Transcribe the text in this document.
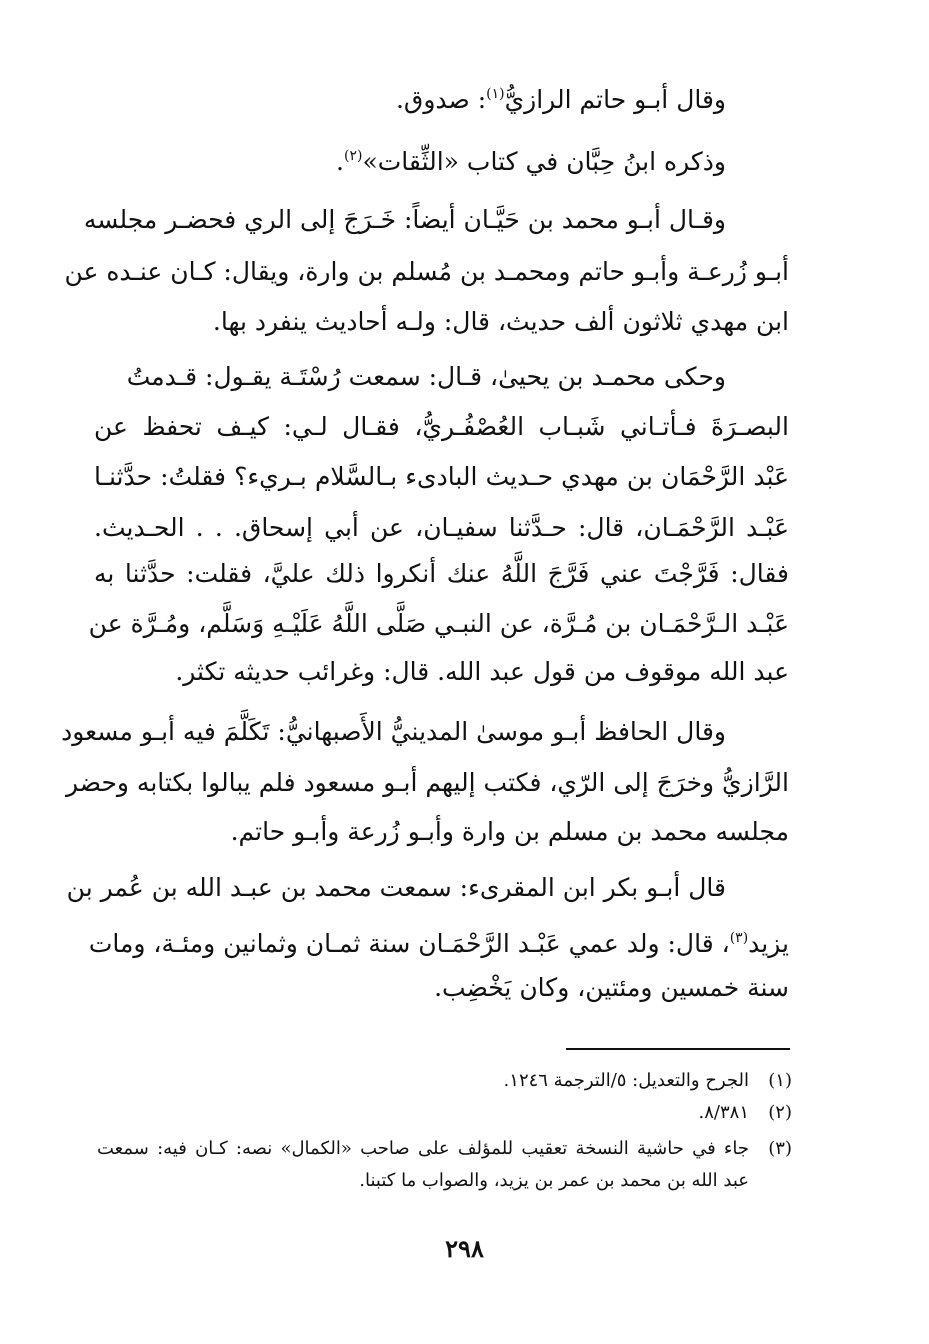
وقال أبـو حاتم الرازيُّ$^{(١)}$: صدوق.
وذكره ابنُ حِبَّان في كتاب «الثِّقات»$^{(٢)}$.
وقـال أبـو محمد بن حَيَّـان أيضاً: خَـرَجَ إلى الري فحضـر مجلسه
أبـو زُرعـة وأبـو حاتم ومحمـد بن مُسلم بن وارة، ويقال: كـان عنـده عن
ابن مهدي ثلاثون ألف حديث، قال: ولـه أحاديث ينفرد بها.
وحكى محمـد بن يحيىٰ، قـال: سمعت رُسْتَـة يقـول: قـدمتُ
البصـرَةَ فـأتـاني شَبـاب العُصْفُـريُّ، فقـال لـي: كيـف تحفظ عن
عَبْد الرَّحْمَان بن مهدي حـديث البادىء بـالسَّلام بـريء؟ فقلتُ: حدَّثنـا
عَبْـد الرَّحْمَـان، قال: حـدَّثنا سفيـان، عن أبي إسحاق. . . الحـديث.
فقال: فَرَّجْتَ عني فَرَّجَ اللَّهُ عنك أنكروا ذلك عليَّ، فقلت: حدَّثنا به
عَبْـد الـرَّحْمَـان بن مُـرَّة، عن النبـي صَلَّى اللَّهُ عَلَيْـهِ وَسَلَّم، ومُـرَّة عن
عبد الله موقوف من قول عبد الله. قال: وغرائب حديثه تكثر.
وقال الحافظ أبـو موسىٰ المدينيُّ الأَصبهانيُّ: تَكَلَّمَ فيه أبـو مسعود
الرَّازيُّ وخرَجَ إلى الرّي، فكتب إليهم أبـو مسعود فلم يبالوا بكتابه وحضر
مجلسه محمد بن مسلم بن وارة وأبـو زُرعة وأبـو حاتم.
قال أبـو بكر ابن المقرىء: سمعت محمد بن عبـد الله بن عُمر بن
يزيد$^{(٣)}$، قال: ولد عمي عَبْـد الرَّحْمَـان سنة ثمـان وثمانين ومئـة، ومات
سنة خمسين ومئتين، وكان يَخْضِب.
(١)
الجرح والتعديل: ٥/الترجمة ١٢٤٦.
(٢)
٨/٣٨١.
(٣)
جاء في حاشية النسخة تعقيب للمؤلف على صاحب «الكمال» نصه: كـان فيه: سمعت
عبد الله بن محمد بن عمر بن يزيد، والصواب ما كتبنا.
٢٩٨
